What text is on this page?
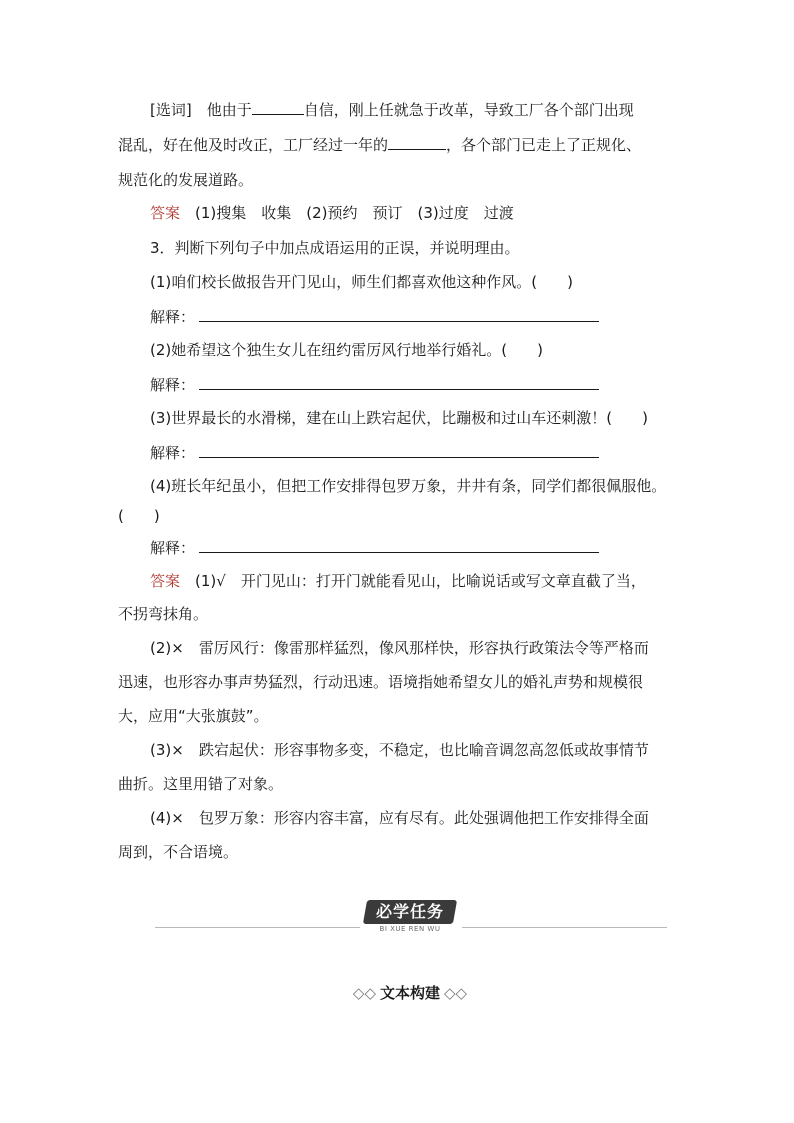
[选词]　 他由于	自信，刚上任就急于改革，导致工厂各个部门出现
混乱，好在他及时改正，工厂经过一年的	，各个部门已走上了正规化、
规范化的发展道路。
答案　 (1)搜集　收集　(2)预约　预订　(3)过度　过渡
3．判断下列句子中加点成语运用的正误，并说明理由。
(1)咱们校长做报告开门见山，师生们都喜欢他这种作风。(　　)
解释：
(2)她希望这个独生女儿在纽约雷厉风行地举行婚礼。(　　)
解释：
(3)世界最长的水滑梯，建在山上跌宕起伏，比蹦极和过山车还刺激！(　　)
解释：
(4)班长年纪虽小，但把工作安排得包罗万象，井井有条，同学们都很佩服他。
(　　)
解释：
答案　 (1)√　开门见山：打开门就能看见山，比喻说话或写文章直截了当，
不拐弯抹角。
(2)×　雷厉风行：像雷那样猛烈，像风那样快，形容执行政策法令等严格而
迅速，也形容办事声势猛烈，行动迅速。语境指她希望女儿的婚礼声势和规模很
大，应用“大张旗鼓”。
(3)×　跌宕起伏：形容事物多变，不稳定，也比喻音调忽高忽低或故事情节
曲折。这里用错了对象。
(4)×　包罗万象：形容内容丰富，应有尽有。此处强调他把工作安排得全面
周到，不合语境。
必学任务
BI XUE REN WU
◇◇ 文本构建 ◇◇
